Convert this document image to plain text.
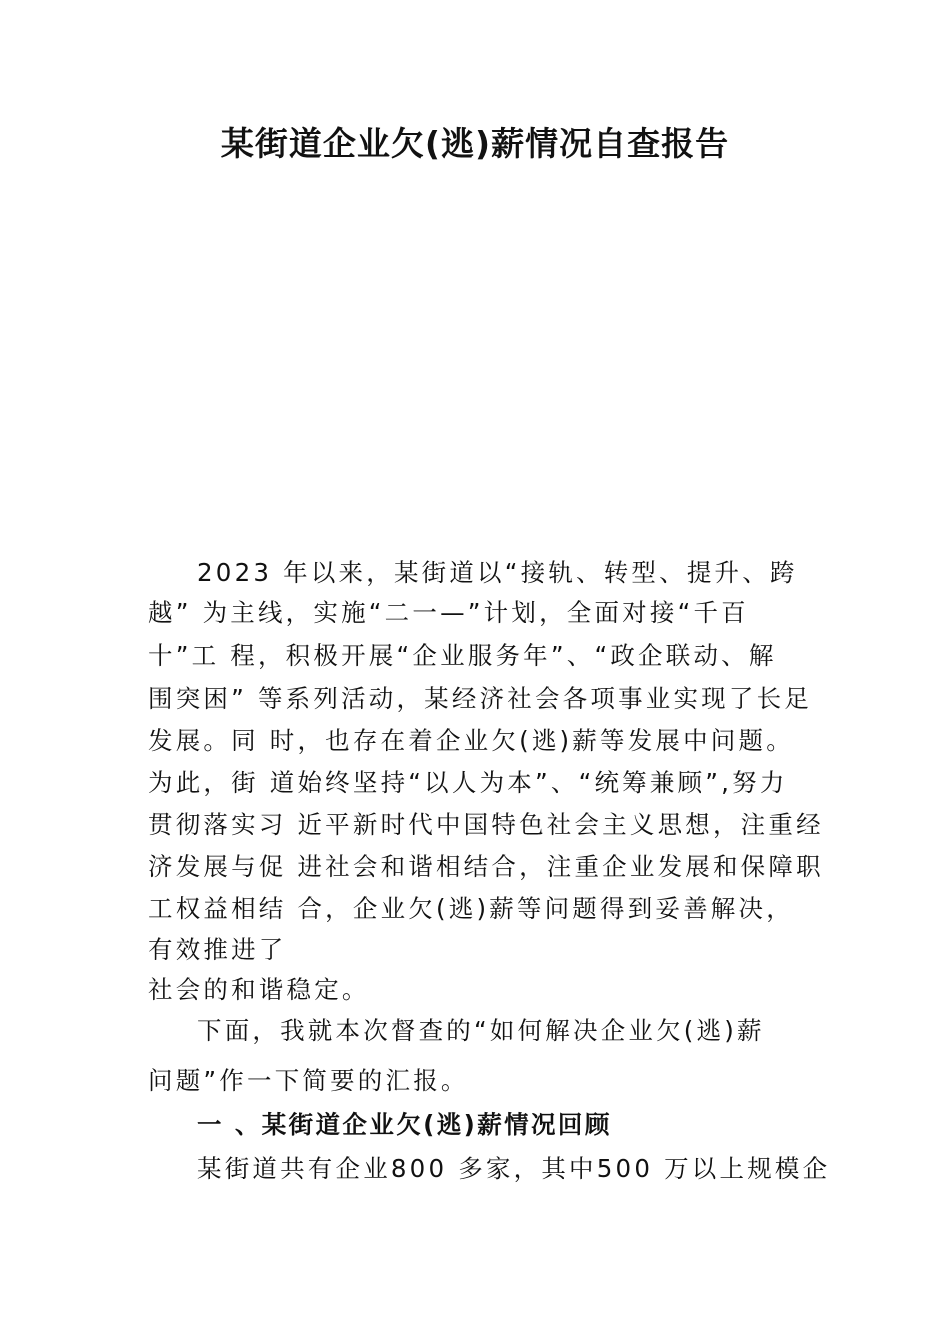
某街道企业欠(逃)薪情况自查报告
2023 年以来，某街道以“接轨、转型、提升、跨
越” 为主线，实施“二一—”计划，全面对接“千百
十”工 程，积极开展“企业服务年”、“政企联动、解
围突困” 等系列活动，某经济社会各项事业实现了长足
发展。同 时，也存在着企业欠(逃)薪等发展中问题。
为此，街 道始终坚持“以人为本”、“统筹兼顾”,努力
贯彻落实习 近平新时代中国特色社会主义思想，注重经
济发展与促 进社会和谐相结合，注重企业发展和保障职
工权益相结 合，企业欠(逃)薪等问题得到妥善解决，
有效推进了
社会的和谐稳定。
下面，我就本次督查的“如何解决企业欠(逃)薪
问题”作一下简要的汇报。
一 、某街道企业欠(逃)薪情况回顾
某街道共有企业800 多家，其中500 万以上规模企
